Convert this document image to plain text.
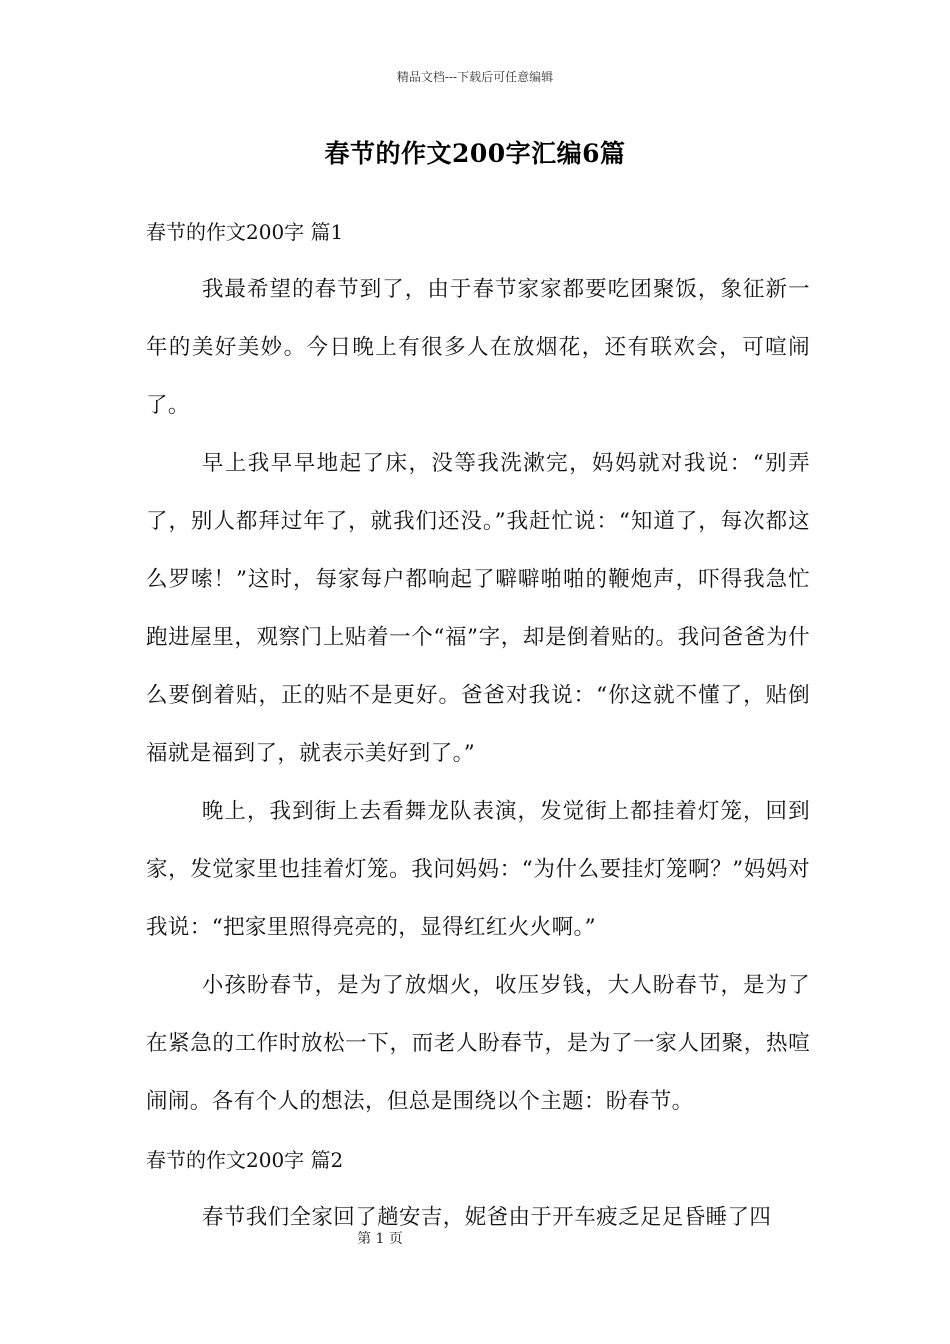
精品文档---下载后可任意编辑
春节的作文200字汇编6篇
春节的作文200字 篇1

我最希望的春节到了，由于春节家家都要吃团聚饭，象征新一年的美好美妙。今日晚上有很多人在放烟花，还有联欢会，可喧闹了。

早上我早早地起了床，没等我洗漱完，妈妈就对我说：“别弄了，别人都拜过年了，就我们还没。”我赶忙说：“知道了，每次都这么罗嗦！”这时，每家每户都响起了噼噼啪啪的鞭炮声，吓得我急忙跑进屋里，观察门上贴着一个“福”字，却是倒着贴的。我问爸爸为什么要倒着贴，正的贴不是更好。爸爸对我说：“你这就不懂了，贴倒福就是福到了，就表示美好到了。”

晚上，我到街上去看舞龙队表演，发觉街上都挂着灯笼，回到家，发觉家里也挂着灯笼。我问妈妈：“为什么要挂灯笼啊？”妈妈对我说：“把家里照得亮亮的，显得红红火火啊。”

小孩盼春节，是为了放烟火，收压岁钱，大人盼春节，是为了在紧急的工作时放松一下，而老人盼春节，是为了一家人团聚，热喧闹闹。各有个人的想法，但总是围绕以个主题：盼春节。

春节的作文200字 篇2

春节我们全家回了趟安吉，妮爸由于开车疲乏足足昏睡了四

第 1 页
